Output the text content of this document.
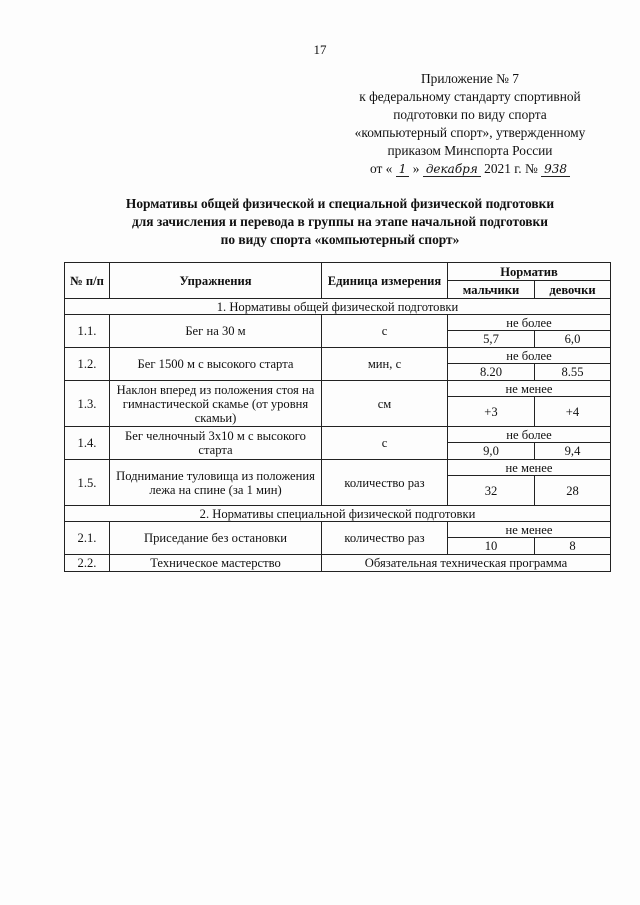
17
Приложение № 7
к федеральному стандарту спортивной
подготовки по виду спорта
«компьютерный спорт», утвержденному
приказом Минспорта России
от « 1 » декабря 2021 г. № 938
Нормативы общей физической и специальной физической подготовки
для зачисления и перевода в группы на этапе начальной подготовки
по виду спорта «компьютерный спорт»
№ п/п	Упражнения	Единица измерения	Норматив	
			мальчики	девочки
1. Нормативы общей физической подготовки				
1.1.	Бег на 30 м	с	не более	
			5,7	6,0
1.2.	Бег 1500 м с высокого старта	мин, с	не более	
			8.20	8.55
1.3.	Наклон вперед из положения стоя на гимнастической скамье (от уровня скамьи)	см	не менее	
			+3	+4
1.4.	Бег челночный 3x10 м с высокого старта	с	не более	
			9,0	9,4
1.5.	Поднимание туловища из положения лежа на спине (за 1 мин)	количество раз	не менее	
			32	28
2. Нормативы специальной физической подготовки				
2.1.	Приседание без остановки	количество раз	не менее	
			10	8
2.2.	Техническое мастерство	Обязательная техническая программа		
